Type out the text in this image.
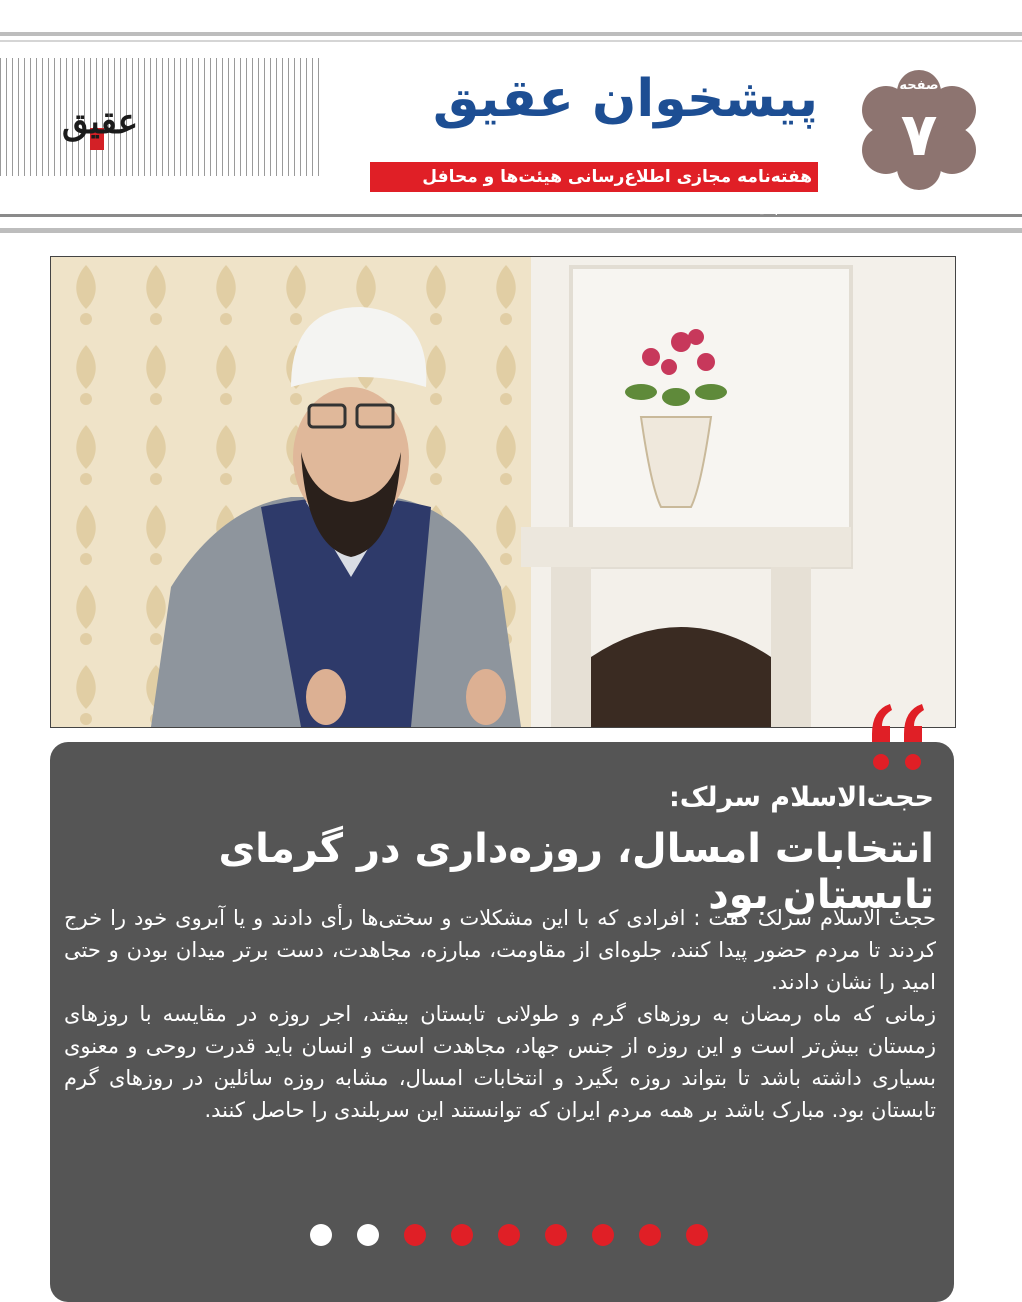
عقیق	پیشخوان عقیق
هفته‌نامه مجازی اطلاع‌رسانی هیئت‌ها و محافل مذهبی
صفحه
۷
حجت‌الاسلام سرلک:
انتخابات امسال، روزه‌داری در گرمای تابستان بود

حجت الاسلام سرلک گفت : افرادی که با این مشکلات و سختی‌ها رأی دادند و یا آبروی خود را خرج کردند تا مردم حضور پیدا کنند، جلوه‌ای از مقاومت، مبارزه، مجاهدت، دست برتر میدان بودن و حتی امید را نشان دادند.

زمانی که ماه رمضان به روزهای گرم و طولانی تابستان بیفتد، اجر روزه در مقایسه با روزهای زمستان بیش‌تر است و این روزه از جنس جهاد، مجاهدت است و انسان باید قدرت روحی و معنوی بسیاری داشته باشد تا بتواند روزه بگیرد و انتخابات امسال، مشابه روزه سائلین در روزهای گرم تابستان بود. مبارک باشد بر همه مردم ایران که توانستند این سربلندی را حاصل کنند.
